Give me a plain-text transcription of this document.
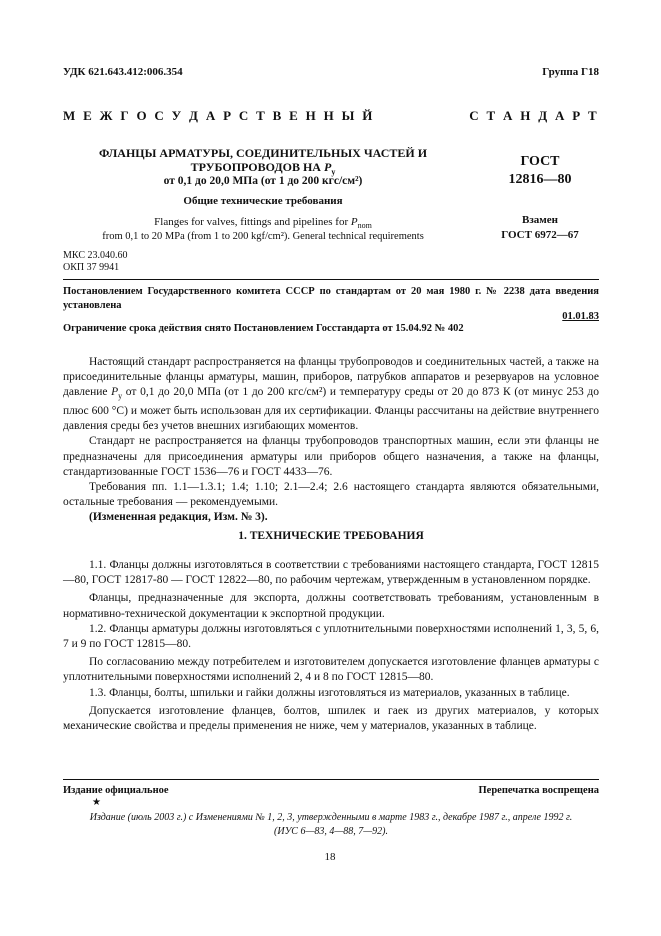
УДК 621.643.412:006.354	Группа Г18
М Е Ж Г О С У Д А Р С Т В Е Н Н Ы Й	С Т А Н Д А Р Т
ФЛАНЦЫ АРМАТУРЫ, СОЕДИНИТЕЛЬНЫХ ЧАСТЕЙ И
ТРУБОПРОВОДОВ НА $P_y$
от 0,1 до 20,0 МПа (от 1 до 200 кгс/см²)
Общие технические требования
Flanges for valves, fittings and pipelines for $P_{nom}$
from 0,1 to 20 MPa (from 1 to 200 kgf/cm²). General technical requirements
ГОСТ
12816—80
Взамен
ГОСТ 6972—67
МКС 23.040.60
ОКП 37 9941
Постановлением Государственного комитета СССР по стандартам от 20 мая 1980 г. № 2238 дата введения установлена
01.01.83
Ограничение срока действия снято Постановлением Госстандарта от 15.04.92 № 402

Настоящий стандарт распространяется на фланцы трубопроводов и соединительных частей, а также на присоединительные фланцы арматуры, машин, приборов, патрубков аппаратов и резервуаров на условное давление $P_y$ от 0,1 до 20,0 МПа (от 1 до 200 кгс/см²) и температуру среды от 20 до 873 К (от минус 253 до плюс 600 °С) и может быть использован для их сертификации. Фланцы рассчитаны на действие внутреннего давления среды без учетов внешних изгибающих моментов.

Стандарт не распространяется на фланцы трубопроводов транспортных машин, если эти фланцы не предназначены для присоединения арматуры или приборов общего назначения, а также на фланцы, стандартизованные ГОСТ 1536—76 и ГОСТ 4433—76.

Требования пп. 1.1—1.3.1; 1.4; 1.10; 2.1—2.4; 2.6 настоящего стандарта являются обязательными, остальные требования — рекомендуемыми.

(Измененная редакция, Изм. № 3).

1. ТЕХНИЧЕСКИЕ ТРЕБОВАНИЯ

1.1. Фланцы должны изготовляться в соответствии с требованиями настоящего стандарта, ГОСТ 12815—80, ГОСТ 12817-80 — ГОСТ 12822—80, по рабочим чертежам, утвержденным в установленном порядке.

Фланцы, предназначенные для экспорта, должны соответствовать требованиям, установленным в нормативно-технической документации к экспортной продукции.

1.2. Фланцы арматуры должны изготовляться с уплотнительными поверхностями исполнений 1, 3, 5, 6, 7 и 9 по ГОСТ 12815—80.

По согласованию между потребителем и изготовителем допускается изготовление фланцев арматуры с уплотнительными поверхностями исполнений 2, 4 и 8 по ГОСТ 12815—80.

1.3. Фланцы, болты, шпильки и гайки должны изготовляться из материалов, указанных в таблице.

Допускается изготовление фланцев, болтов, шпилек и гаек из других материалов, у которых механические свойства и пределы применения не ниже, чем у материалов, указанных в таблице.

Издание официальное
★
Перепечатка воспрещена
Издание (июль 2003 г.) с Изменениями № 1, 2, 3, утвержденными в марте 1983 г., декабре 1987 г., апреле 1992 г.
(ИУС 6—83, 4—88, 7—92).
18
